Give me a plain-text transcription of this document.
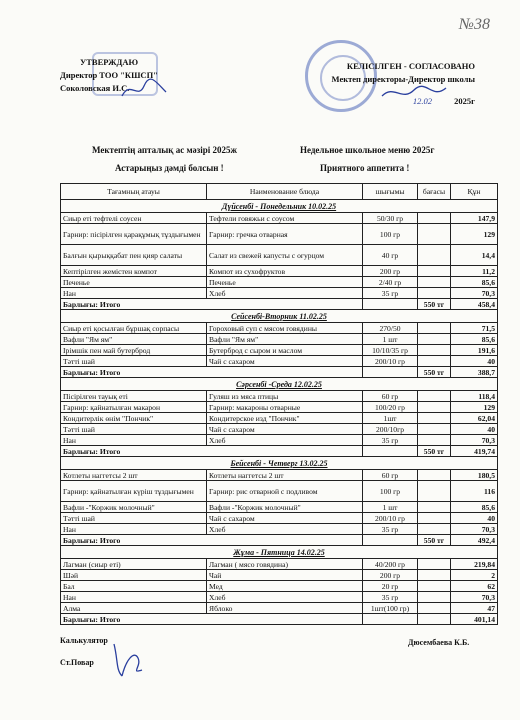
№38
УТВЕРЖДАЮ
Директор ТОО "КШСП"
Соколовская И.С.
КЕЛІСІЛГЕН - СОГЛАСОВАНО
Мектеп директоры-Директор школы
12.02	2025г
Мектептің апталық ас мәзірі 2025ж	Недельное школьное меню 2025г
Астарыңыз дәмді болсын !	Приятного аппетита !
Тағамның атауы	Наименование блюда	шығымы	бағасы	Құн
Дүйсенбі - Понедельник 10.02.25				
Сиыр еті тефтелі соусен	Тефтели говяжьи с соусом	50/30 гр		147,9
Гарнир: пісірілген қарақұмық тұздығымен	Гарнир: гречка отварная	100 гр		129
Балғын қырыққабат пен қияр салаты	Салат из свежей капусты с огурцом	40 гр		14,4
Кептірілген жемістен компот	Компот из сухофруктов	200 гр		11,2
Печенье	Печенье	2/40 гр		85,6
Нан	Хлеб	35 гр		70,3
Барлығы: Итого			550 тг	458,4
Сейсенбі-Вторник 11.02.25				
Сиыр еті қосылған бұршақ сорпасы	Гороховый суп с мясом говядины	270/50		71,5
Вафли "Ям ям"	Вафли "Ям ям"	1 шт		85,6
Ірімшік пен май бутерброд	Бутерброд с сыром и маслом	10/10/35 гр		191,6
Тәтті шай	Чай с сахаром	200/10 гр		40
Барлығы: Итого			550 тг	388,7
Сәрсенбі -Среда 12.02.25				
Пісірілген тауық еті	Гуляш из мяса птицы	60 гр		118,4
Гарнир: қайнатылған макарон	Гарнир: макароны отварные	100/20 гр		129
Кондитерлік өнім "Пончик"	Кондитерское изд "Пончик"	1шт		62,04
Тәтті шай	Чай с сахаром	200/10гр		40
Нан	Хлеб	35 гр		70,3
Барлығы: Итого			550 тг	419,74
Бейсенбі - Четверг 13.02.25				
Котлеты наггетсы 2 шт	Котлеты наггетсы 2 шт	60 гр		180,5
Гарнир: қайнатылған күріш тұздығымен	Гарнир: рис отварной с подливом	100 гр		116
Вафли -"Коржик молочный"	Вафли -"Коржик молочный"	1 шт		85,6
Тәтті шай	Чай с сахаром	200/10 гр		40
Нан	Хлеб	35 гр		70,3
Барлығы: Итого			550 тг	492,4
Жұма - Пятница 14.02.25				
Лагман (сиыр еті)	Лагман ( мясо говядина)	40/200 гр		219,84
Шәй	Чай	200 гр		2
Бал	Мед	20 гр		62
Нан	Хлеб	35 гр		70,3
Алма	Яблоко	1шт(100 гр)		47
Барлығы: Итого				401,14
Калькулятор
Ст.Повар
Дюсембаева К.Б.
